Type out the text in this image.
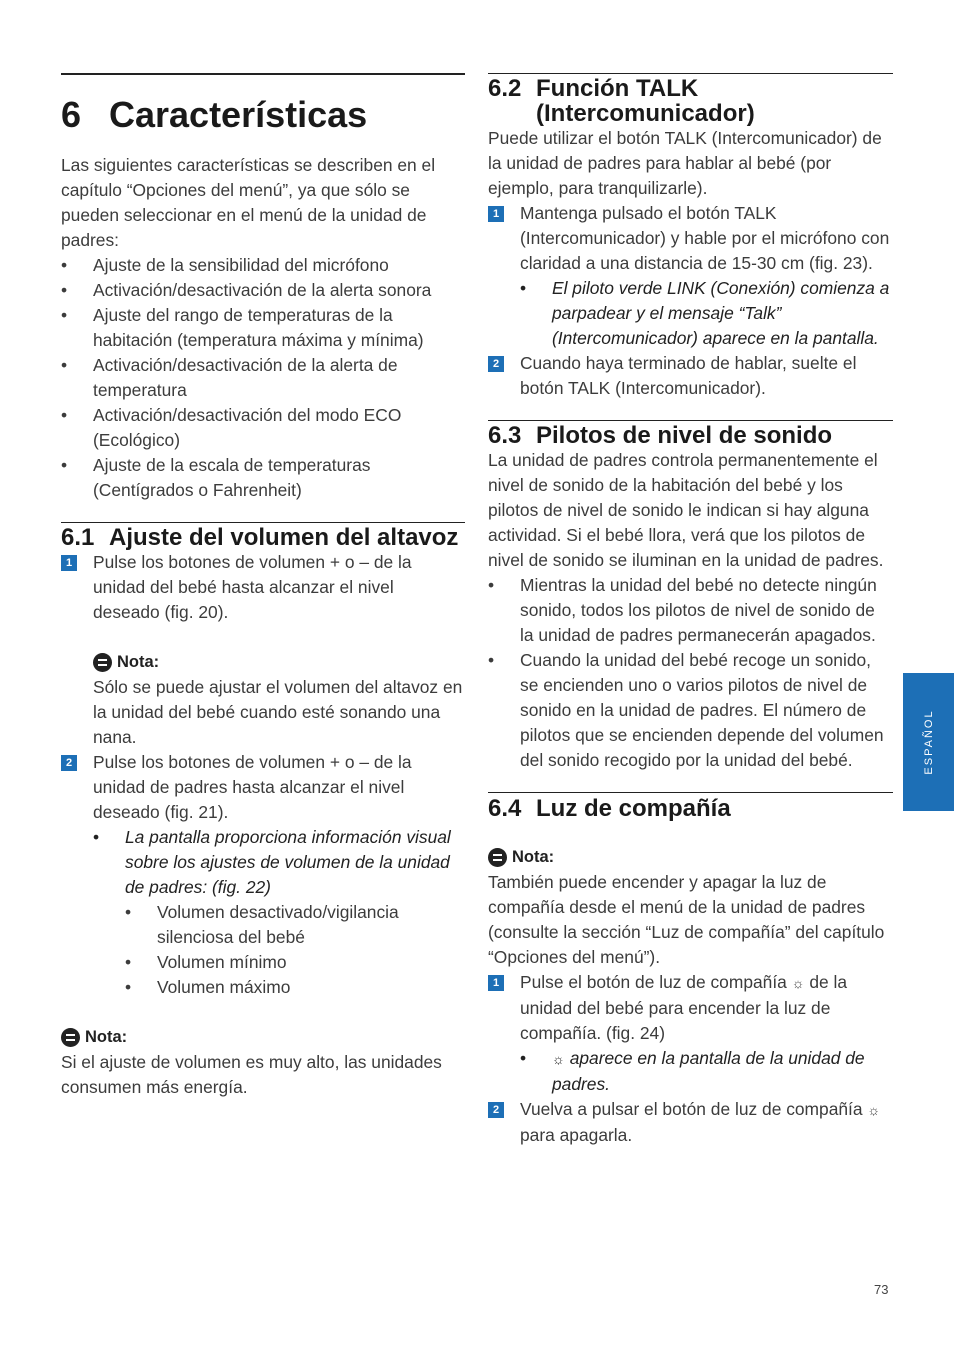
6 Características

Las siguientes características se describen en el capítulo “Opciones del menú”, ya que sólo se pueden seleccionar en el menú de la unidad de padres:

• Ajuste de la sensibilidad del micrófono
• Activación/desactivación de la alerta sonora
• Ajuste del rango de temperaturas de la habitación (temperatura máxima y mínima)
• Activación/desactivación de la alerta de temperatura
• Activación/desactivación del modo ECO (Ecológico)
• Ajuste de la escala de temperaturas (Centígrados o Fahrenheit)
6.1 Ajuste del volumen del altavoz
1 Pulse los botones de volumen + o – de la unidad del bebé hasta alcanzar el nivel deseado (fig. 20).
Nota:

Sólo se puede ajustar el volumen del altavoz en la unidad del bebé cuando esté sonando una nana.

2 Pulse los botones de volumen + o – de la unidad de padres hasta alcanzar el nivel deseado (fig. 21).
• La pantalla proporciona información visual sobre los ajustes de volumen de la unidad de padres: (fig. 22)
• Volumen desactivado/vigilancia silenciosa del bebé
• Volumen mínimo
• Volumen máximo
Nota:

Si el ajuste de volumen es muy alto, las unidades consumen más energía.

6.2 Función TALK (Intercomunicador)

Puede utilizar el botón TALK (Intercomunicador) de la unidad de padres para hablar al bebé (por ejemplo, para tranquilizarle).

1 Mantenga pulsado el botón TALK (Intercomunicador) y hable por el micrófono con claridad a una distancia de 15-30 cm (fig. 23).
• El piloto verde LINK (Conexión) comienza a parpadear y el mensaje “Talk” (Intercomunicador) aparece en la pantalla.
2 Cuando haya terminado de hablar, suelte el botón TALK (Intercomunicador).
6.3 Pilotos de nivel de sonido

La unidad de padres controla permanentemente el nivel de sonido de la habitación del bebé y los pilotos de nivel de sonido le indican si hay alguna actividad. Si el bebé llora, verá que los pilotos de nivel de sonido se iluminan en la unidad de padres.

• Mientras la unidad del bebé no detecte ningún sonido, todos los pilotos de nivel de sonido de la unidad de padres permanecerán apagados.
• Cuando la unidad del bebé recoge un sonido, se encienden uno o varios pilotos de nivel de sonido en la unidad de padres. El número de pilotos que se encienden depende del volumen del sonido recogido por la unidad del bebé.
6.4 Luz de compañía
Nota:

También puede encender y apagar la luz de compañía desde el menú de la unidad de padres (consulte la sección “Luz de compañía” del capítulo “Opciones del menú”).

1 Pulse el botón de luz de compañía ☼ de la unidad del bebé para encender la luz de compañía. (fig. 24)
• ☼ aparece en la pantalla de la unidad de padres.
2 Vuelva a pulsar el botón de luz de compañía ☼ para apagarla.
ESPAÑOL
73
